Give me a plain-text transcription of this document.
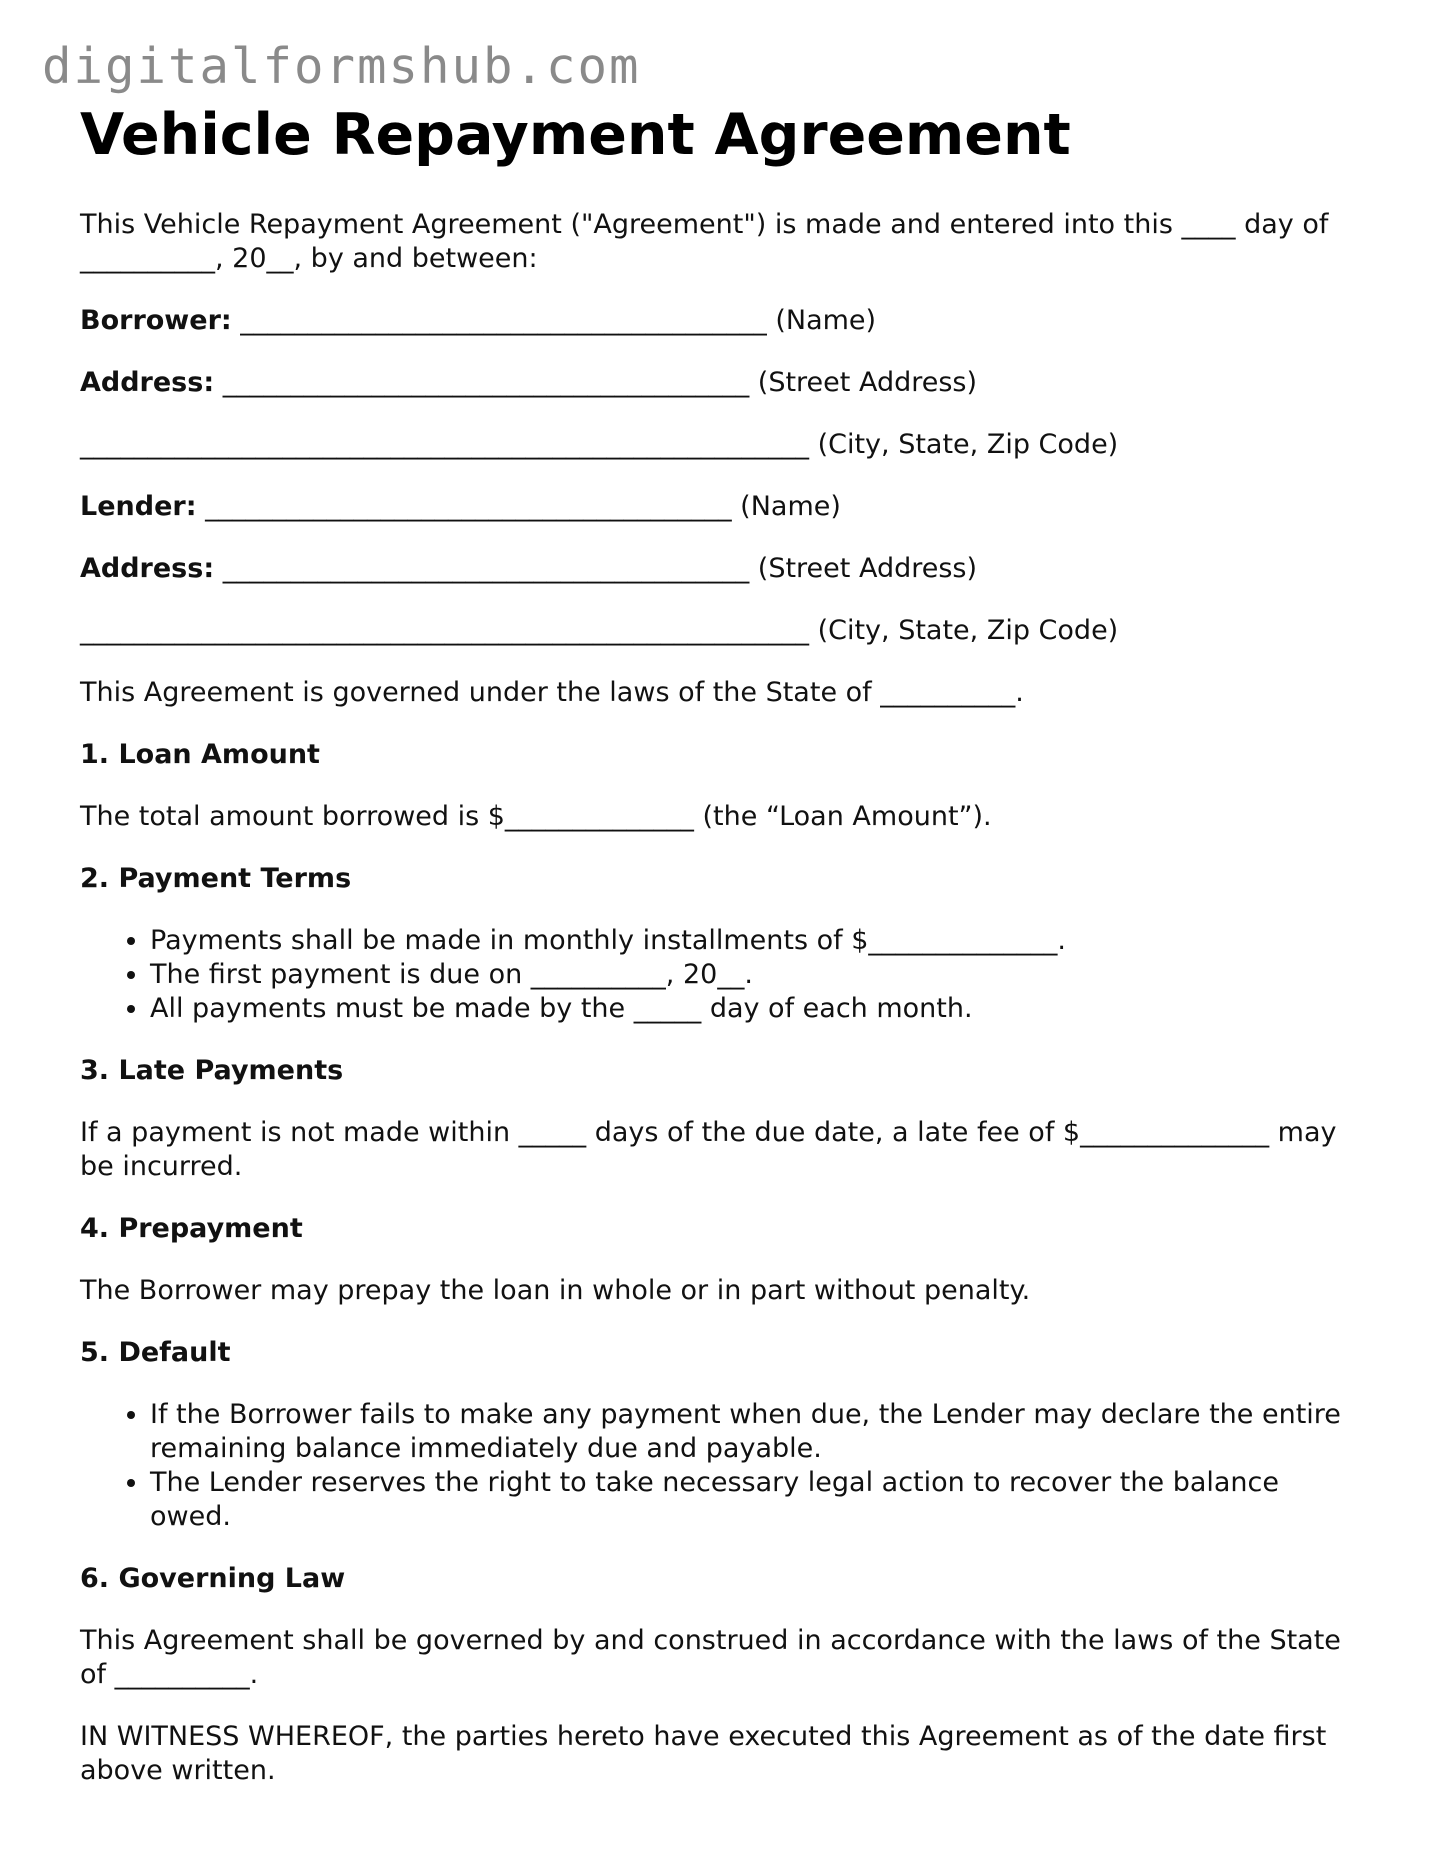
digitalformshub.com
Vehicle Repayment Agreement

This Vehicle Repayment Agreement ("Agreement") is made and entered into this ____ day of __________, 20__, by and between:

Borrower: _______________________________________ (Name)

Address: _______________________________________ (Street Address)

______________________________________________________ (City, State, Zip Code)

Lender: _______________________________________ (Name)

Address: _______________________________________ (Street Address)

______________________________________________________ (City, State, Zip Code)

This Agreement is governed under the laws of the State of __________.

1. Loan Amount

The total amount borrowed is $______________ (the “Loan Amount”).

2. Payment Terms
• Payments shall be made in monthly installments of $______________.
• The first payment is due on __________, 20__.
• All payments must be made by the _____ day of each month.
3. Late Payments

If a payment is not made within _____ days of the due date, a late fee of $______________ may be incurred.

4. Prepayment

The Borrower may prepay the loan in whole or in part without penalty.

5. Default
• If the Borrower fails to make any payment when due, the Lender may declare the entire remaining balance immediately due and payable.
• The Lender reserves the right to take necessary legal action to recover the balance owed.
6. Governing Law

This Agreement shall be governed by and construed in accordance with the laws of the State of __________.

IN WITNESS WHEREOF, the parties hereto have executed this Agreement as of the date first above written.
